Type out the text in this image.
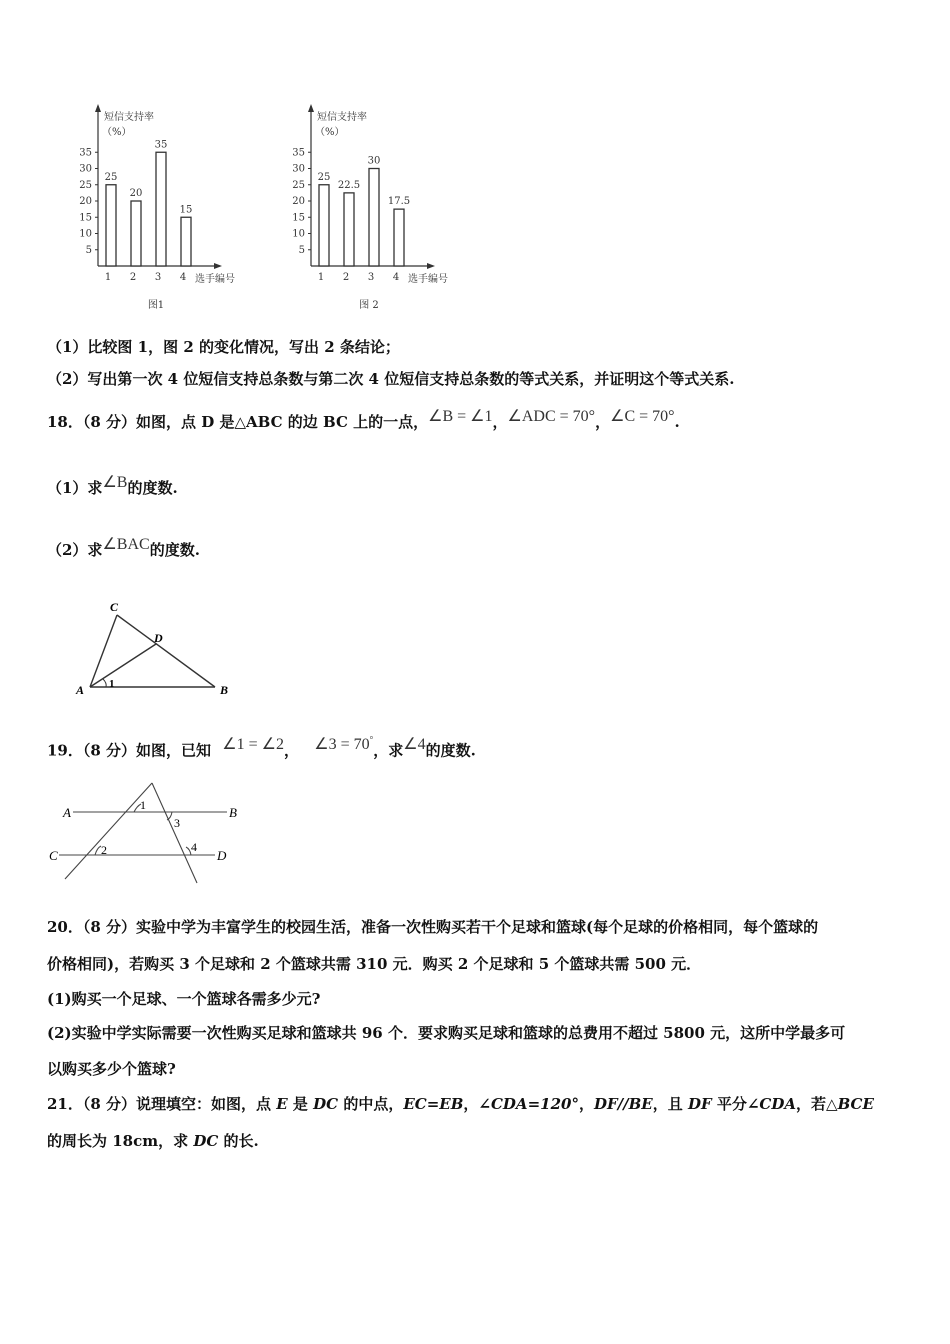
短信支持率
（%）
5
10
15
20
25
30
35
25
1
20
2
35
3
15
4 选手编号
图1
短信支持率
（%）
5
10
15
20
25
30
35
25
1
22.5
2
30
3
17.5
4 选手编号
图 2
（1）比较图 1，图 2 的变化情况，写出 2 条结论；
（2）写出第一次 4 位短信支持总条数与第二次 4 位短信支持总条数的等式关系，并证明这个等式关系.
18．（8 分）如图，点 D 是△ABC 的边 BC 上的一点，∠B = ∠1，∠ADC = 70°，∠C = 70°.
（1）求∠B的度数.
（2）求∠BAC的度数.
C
D
A	B
1
19．（8 分）如图，已知 ∠1 = ∠2， ∠3 = 70°，求∠4的度数.
A	B
C	D
1
2
3
4
20．（8 分）实验中学为丰富学生的校园生活，准备一次性购买若干个足球和篮球(每个足球的价格相同，每个篮球的
价格相同)，若购买 3 个足球和 2 个篮球共需 310 元．购买 2 个足球和 5 个篮球共需 500 元．
(1)购买一个足球、一个篮球各需多少元?
(2)实验中学实际需要一次性购买足球和篮球共 96 个．要求购买足球和篮球的总费用不超过 5800 元，这所中学最多可
以购买多少个篮球?
21．（8 分）说理填空：如图，点 E 是 DC 的中点，EC=EB，∠CDA=120°，DF//BE，且 DF 平分∠CDA，若△BCE
的周长为 18cm，求 DC 的长.
